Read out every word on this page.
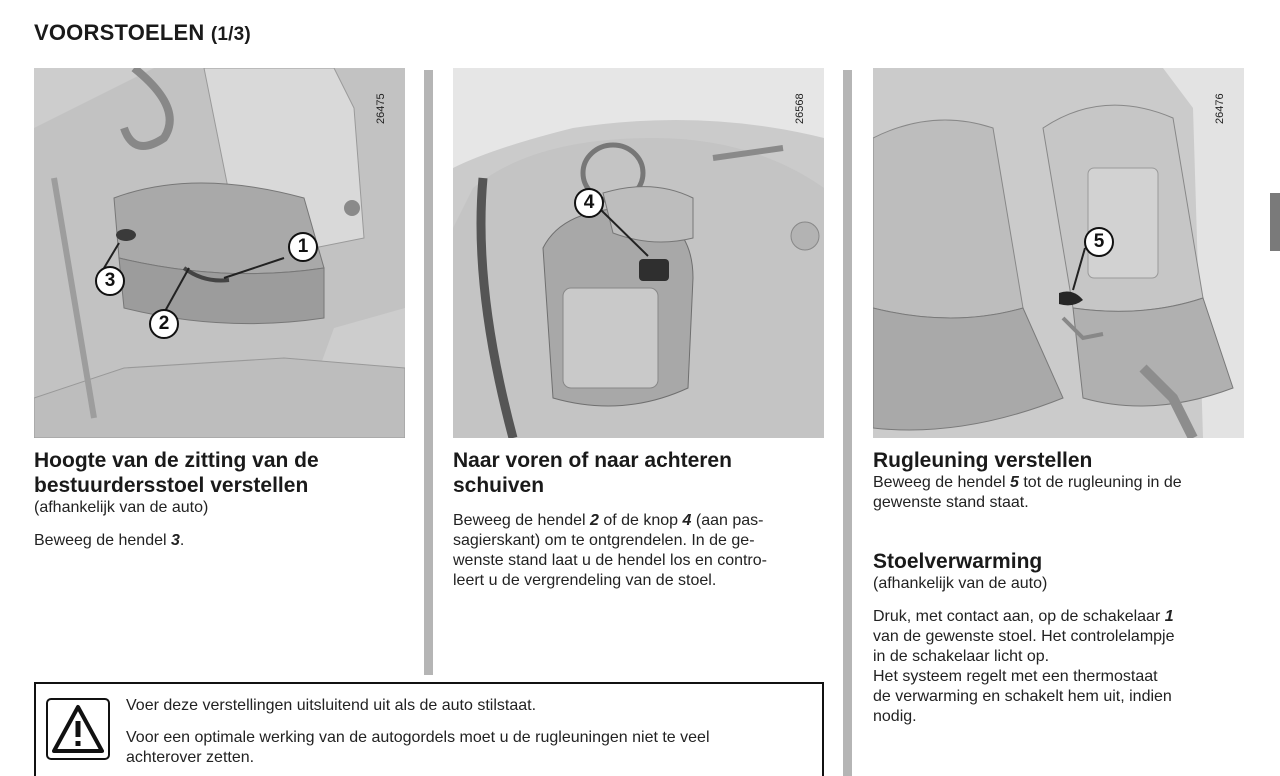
VOORSTOELEN (1/3)
26475
1
2
3
26568
4
26476
5
Hoogte van de zitting van de
bestuurdersstoel verstellen
(afhankelijk van de auto)
Beweeg de hendel 3.
Naar voren of naar achteren
schuiven
Beweeg de hendel 2 of de knop 4 (aan pas-
sagierskant) om te ontgrendelen. In de ge-
wenste stand laat u de hendel los en contro-
leert u de vergrendeling van de stoel.
Rugleuning verstellen
Beweeg de hendel 5 tot de rugleuning in de
gewenste stand staat.
Stoelverwarming
(afhankelijk van de auto)
Druk, met contact aan, op de schakelaar 1
van de gewenste stoel. Het controlelampje
in de schakelaar licht op.
Het systeem regelt met een thermostaat
de verwarming en schakelt hem uit, indien
nodig.
Voer deze verstellingen uitsluitend uit als de auto stilstaat.
Voor een optimale werking van de autogordels moet u de rugleuningen niet te veel
achterover zetten.
